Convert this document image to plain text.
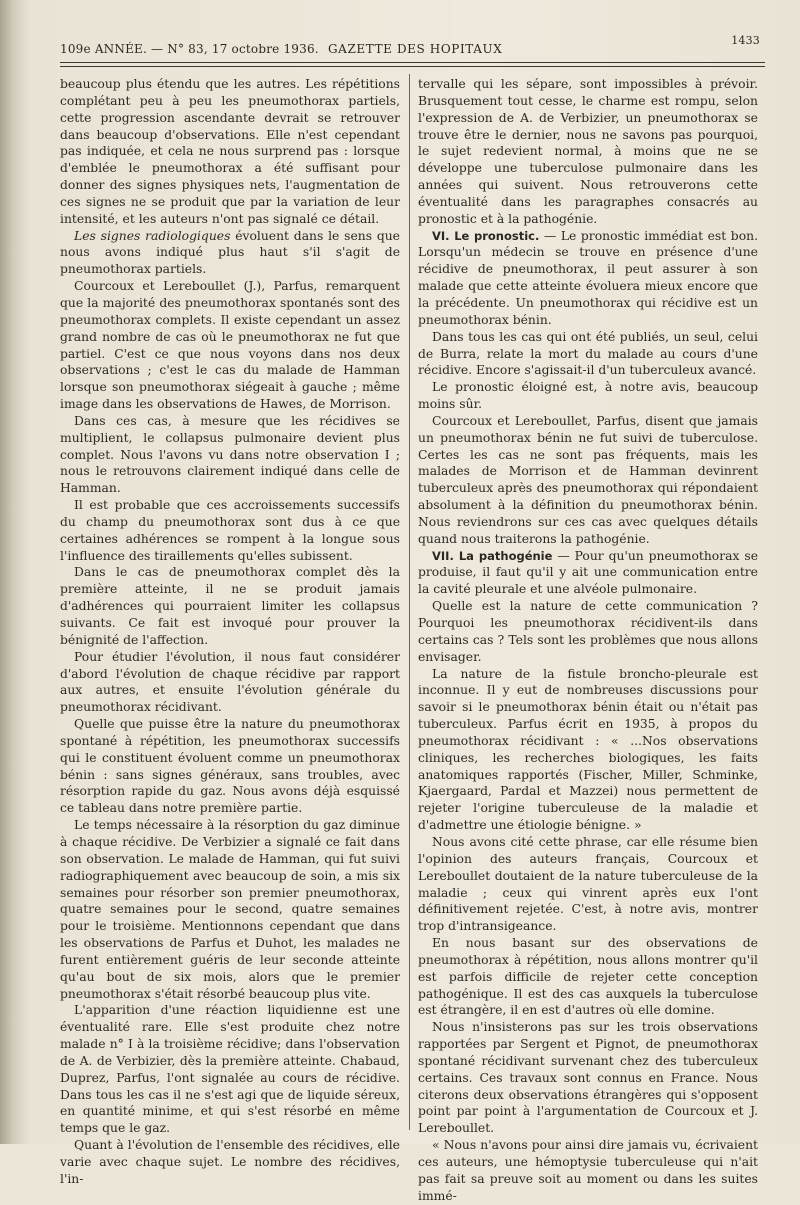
109e ANNÉE. — N° 83, 17 octobre 1936. GAZETTE DES HOPITAUX
1433

beaucoup plus étendu que les autres. Les répétitions complétant peu à peu les pneumothorax partiels, cette progression ascendante devrait se retrouver dans beaucoup d'observations. Elle n'est cependant pas indiquée, et cela ne nous surprend pas : lorsque d'emblée le pneumothorax a été suffisant pour donner des signes physiques nets, l'augmentation de ces signes ne se produit que par la variation de leur intensité, et les auteurs n'ont pas signalé ce détail.

Les signes radiologiques évoluent dans le sens que nous avons indiqué plus haut s'il s'agit de pneumothorax partiels.

Courcoux et Lereboullet (J.), Parfus, remarquent que la majorité des pneumothorax spontanés sont des pneumothorax complets. Il existe cependant un assez grand nombre de cas où le pneumothorax ne fut que partiel. C'est ce que nous voyons dans nos deux observations ; c'est le cas du malade de Hamman lorsque son pneumothorax siégeait à gauche ; même image dans les observations de Hawes, de Morrison.

Dans ces cas, à mesure que les récidives se multiplient, le collapsus pulmonaire devient plus complet. Nous l'avons vu dans notre observation I ; nous le retrouvons clairement indiqué dans celle de Hamman.

Il est probable que ces accroissements successifs du champ du pneumothorax sont dus à ce que certaines adhérences se rompent à la longue sous l'influence des tiraillements qu'elles subissent.

Dans le cas de pneumothorax complet dès la première atteinte, il ne se produit jamais d'adhérences qui pourraient limiter les collapsus suivants. Ce fait est invoqué pour prouver la bénignité de l'affection.

Pour étudier l'évolution, il nous faut considérer d'abord l'évolution de chaque récidive par rapport aux autres, et ensuite l'évolution générale du pneumothorax récidivant.

Quelle que puisse être la nature du pneumothorax spontané à répétition, les pneumothorax successifs qui le constituent évoluent comme un pneumothorax bénin : sans signes généraux, sans troubles, avec résorption rapide du gaz. Nous avons déjà esquissé ce tableau dans notre première partie.

Le temps nécessaire à la résorption du gaz diminue à chaque récidive. De Verbizier a signalé ce fait dans son observation. Le malade de Hamman, qui fut suivi radiographiquement avec beaucoup de soin, a mis six semaines pour résorber son premier pneumothorax, quatre semaines pour le second, quatre semaines pour le troisième. Mentionnons cependant que dans les observations de Parfus et Duhot, les malades ne furent entièrement guéris de leur seconde atteinte qu'au bout de six mois, alors que le premier pneumothorax s'était résorbé beaucoup plus vite.

L'apparition d'une réaction liquidienne est une éventualité rare. Elle s'est produite chez notre malade n° I à la troisième récidive; dans l'observation de A. de Verbizier, dès la première atteinte. Chabaud, Duprez, Parfus, l'ont signalée au cours de récidive. Dans tous les cas il ne s'est agi que de liquide séreux, en quantité minime, et qui s'est résorbé en même temps que le gaz.

Quant à l'évolution de l'ensemble des récidives, elle varie avec chaque sujet. Le nombre des récidives, l'in-

tervalle qui les sépare, sont impossibles à prévoir. Brusquement tout cesse, le charme est rompu, selon l'expression de A. de Verbizier, un pneumothorax se trouve être le dernier, nous ne savons pas pourquoi, le sujet redevient normal, à moins que ne se développe une tuberculose pulmonaire dans les années qui suivent. Nous retrouverons cette éventualité dans les paragraphes consacrés au pronostic et à la pathogénie.

VI. Le pronostic. — Le pronostic immédiat est bon. Lorsqu'un médecin se trouve en présence d'une récidive de pneumothorax, il peut assurer à son malade que cette atteinte évoluera mieux encore que la précédente. Un pneumothorax qui récidive est un pneumothorax bénin.

Dans tous les cas qui ont été publiés, un seul, celui de Burra, relate la mort du malade au cours d'une récidive. Encore s'agissait-il d'un tuberculeux avancé.

Le pronostic éloigné est, à notre avis, beaucoup moins sûr.

Courcoux et Lereboullet, Parfus, disent que jamais un pneumothorax bénin ne fut suivi de tuberculose. Certes les cas ne sont pas fréquents, mais les malades de Morrison et de Hamman devinrent tuberculeux après des pneumothorax qui répondaient absolument à la définition du pneumothorax bénin. Nous reviendrons sur ces cas avec quelques détails quand nous traiterons la pathogénie.

VII. La pathogénie — Pour qu'un pneumothorax se produise, il faut qu'il y ait une communication entre la cavité pleurale et une alvéole pulmonaire.

Quelle est la nature de cette communication ? Pourquoi les pneumothorax récidivent-ils dans certains cas ? Tels sont les problèmes que nous allons envisager.

La nature de la fistule broncho-pleurale est inconnue. Il y eut de nombreuses discussions pour savoir si le pneumothorax bénin était ou n'était pas tuberculeux. Parfus écrit en 1935, à propos du pneumothorax récidivant : « ...Nos observations cliniques, les recherches biologiques, les faits anatomiques rapportés (Fischer, Miller, Schminke, Kjaergaard, Pardal et Mazzei) nous permettent de rejeter l'origine tuberculeuse de la maladie et d'admettre une étiologie bénigne. »

Nous avons cité cette phrase, car elle résume bien l'opinion des auteurs français, Courcoux et Lereboullet doutaient de la nature tuberculeuse de la maladie ; ceux qui vinrent après eux l'ont définitivement rejetée. C'est, à notre avis, montrer trop d'intransigeance.

En nous basant sur des observations de pneumothorax à répétition, nous allons montrer qu'il est parfois difficile de rejeter cette conception pathogénique. Il est des cas auxquels la tuberculose est étrangère, il en est d'autres où elle domine.

Nous n'insisterons pas sur les trois observations rapportées par Sergent et Pignot, de pneumothorax spontané récidivant survenant chez des tuberculeux certains. Ces travaux sont connus en France. Nous citerons deux observations étrangères qui s'opposent point par point à l'argumentation de Courcoux et J. Lereboullet.

« Nous n'avons pour ainsi dire jamais vu, écrivaient ces auteurs, une hémoptysie tuberculeuse qui n'ait pas fait sa preuve soit au moment ou dans les suites immé-
